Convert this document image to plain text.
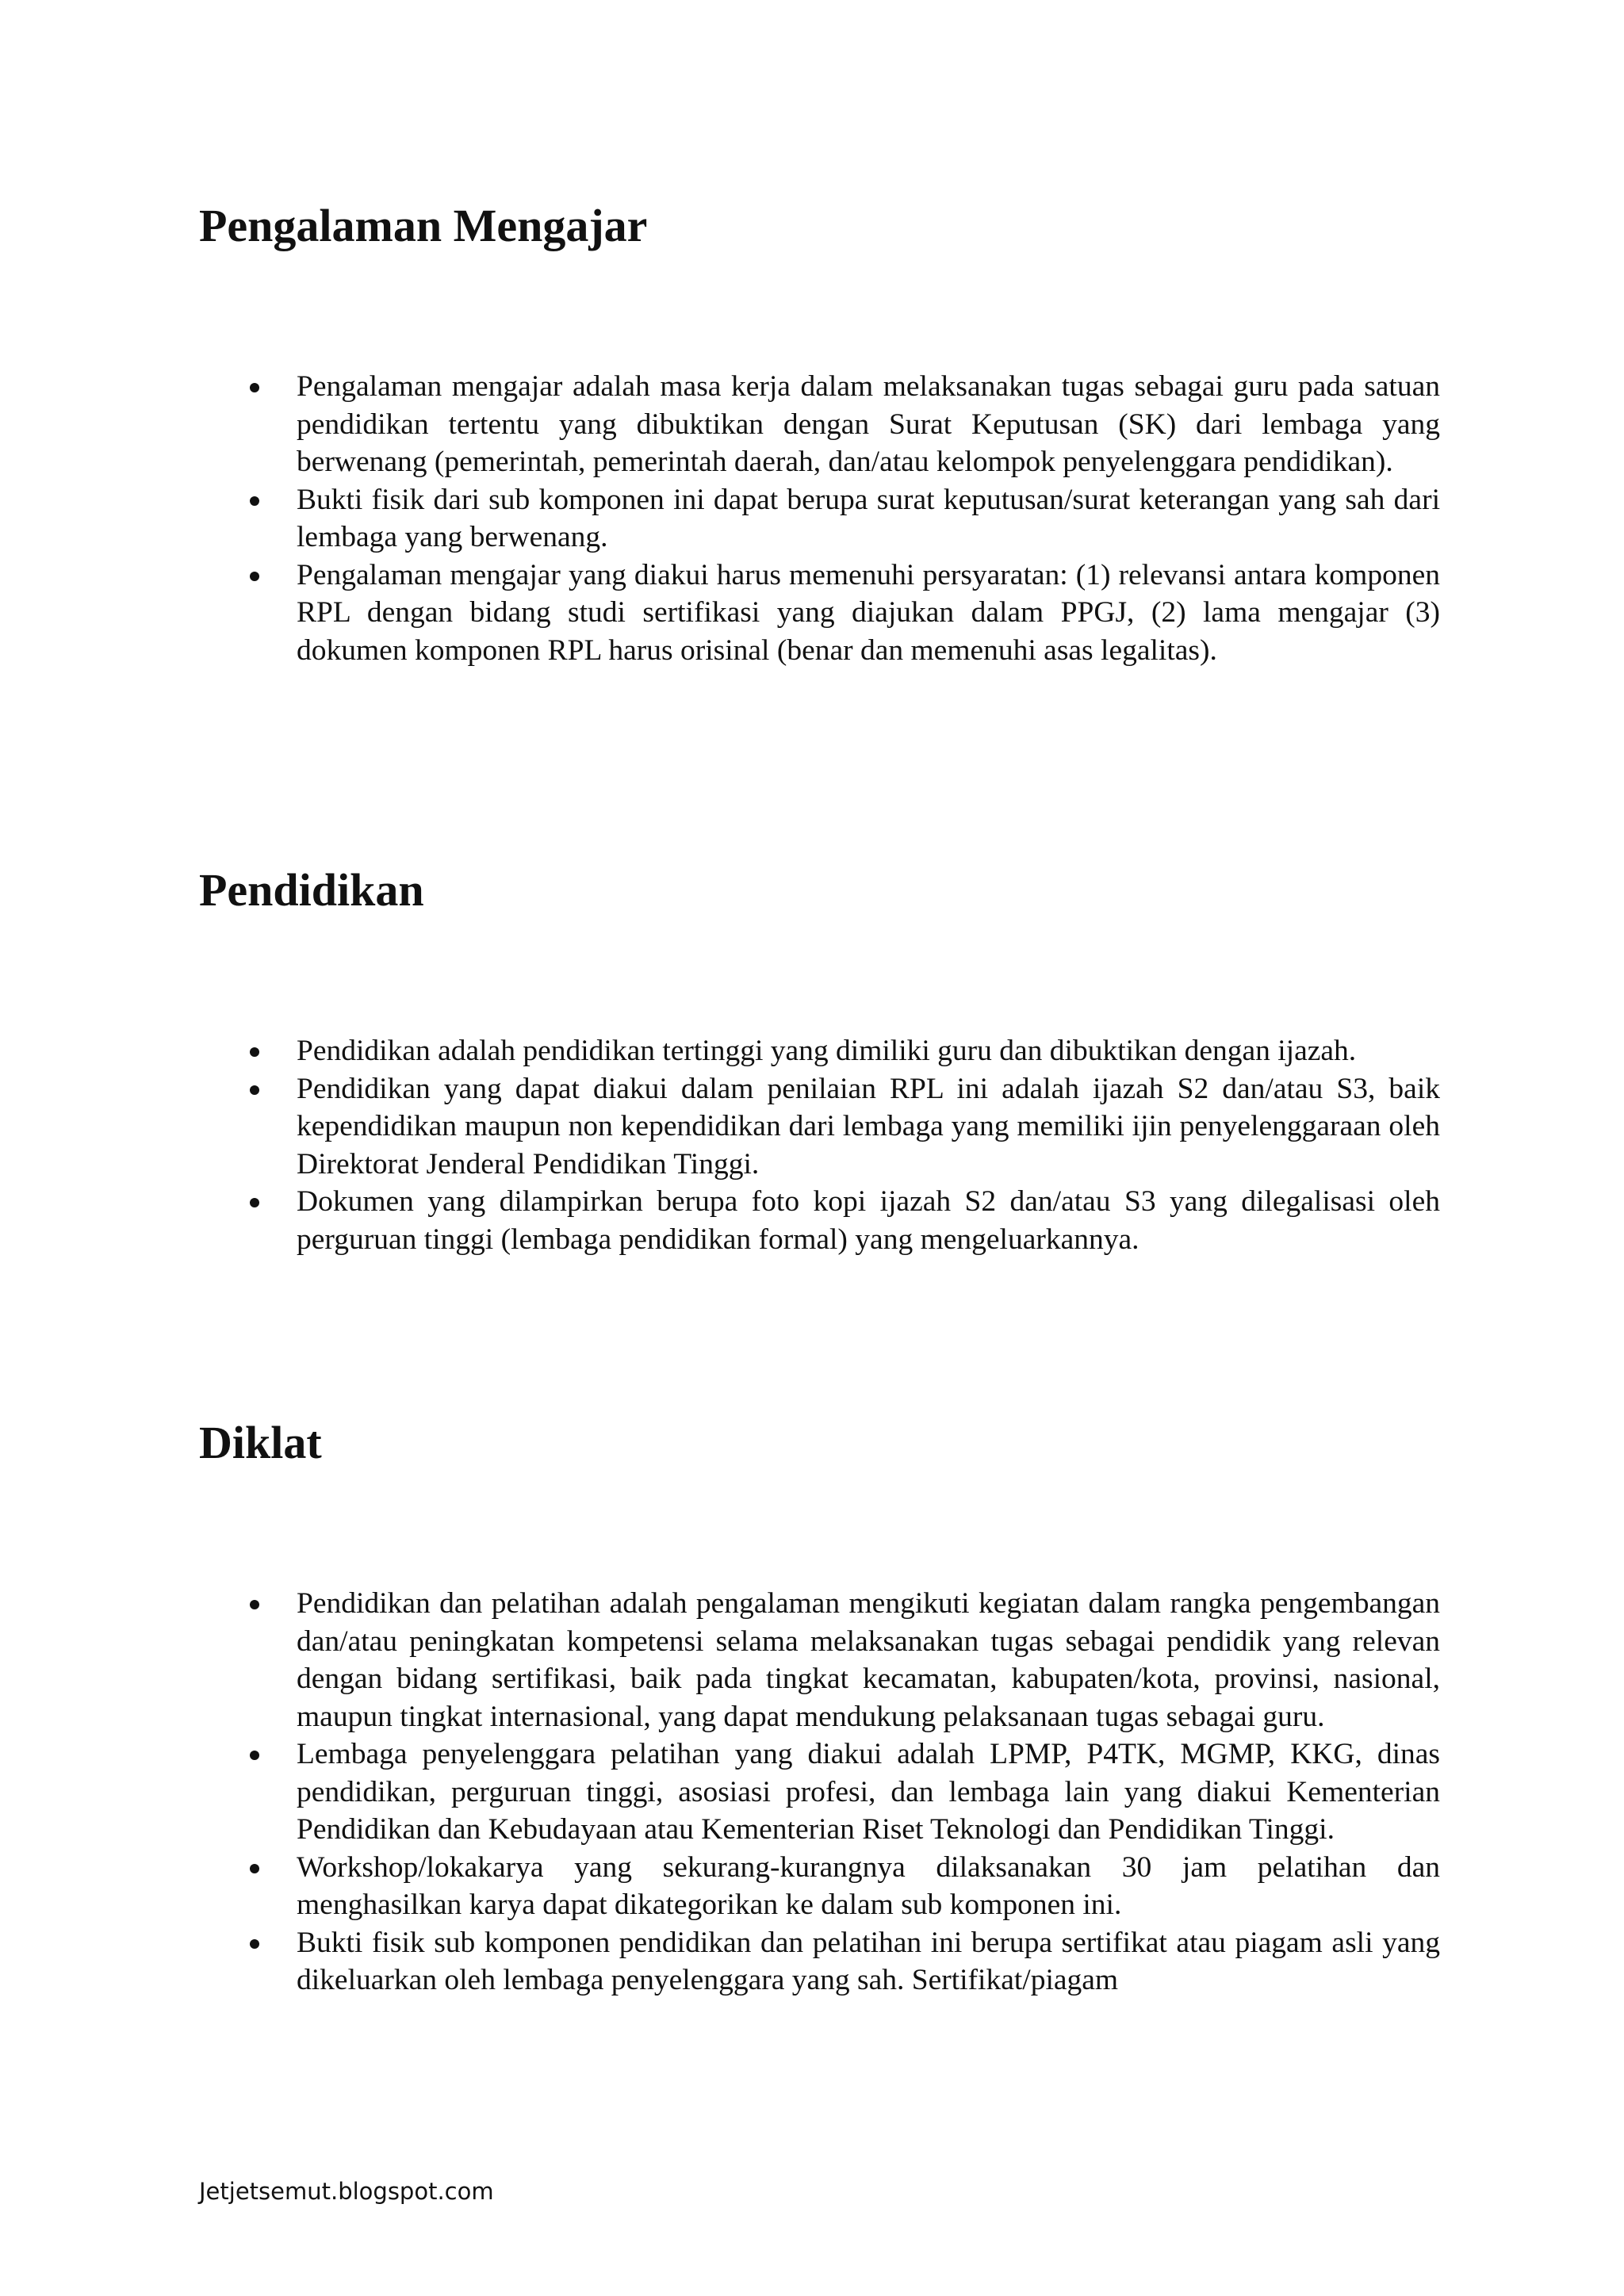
Pengalaman Mengajar
Pengalaman mengajar adalah masa kerja dalam melaksanakan tugas sebagai guru pada satuan pendidikan tertentu yang dibuktikan dengan Surat Keputusan (SK) dari lembaga yang berwenang (pemerintah, pemerintah daerah, dan/atau kelompok penyelenggara pendidikan).
Bukti fisik dari sub komponen ini dapat berupa surat keputusan/surat keterangan yang sah dari lembaga yang berwenang.
Pengalaman mengajar yang diakui harus memenuhi persyaratan: (1) relevansi antara komponen RPL dengan bidang studi sertifikasi yang diajukan dalam PPGJ, (2) lama mengajar (3) dokumen komponen RPL harus orisinal (benar dan memenuhi asas legalitas).
Pendidikan
Pendidikan adalah pendidikan tertinggi yang dimiliki guru dan dibuktikan dengan ijazah.
Pendidikan yang dapat diakui dalam penilaian RPL ini adalah ijazah S2 dan/atau S3, baik kependidikan maupun non kependidikan dari lembaga yang memiliki ijin penyelenggaraan oleh Direktorat Jenderal Pendidikan Tinggi.
Dokumen yang dilampirkan berupa foto kopi ijazah S2 dan/atau S3 yang dilegalisasi oleh perguruan tinggi (lembaga pendidikan formal) yang mengeluarkannya.
Diklat
Pendidikan dan pelatihan adalah pengalaman mengikuti kegiatan dalam rangka pengembangan dan/atau peningkatan kompetensi selama melaksanakan tugas sebagai pendidik yang relevan dengan bidang sertifikasi, baik pada tingkat kecamatan, kabupaten/kota, provinsi, nasional, maupun tingkat internasional, yang dapat mendukung pelaksanaan tugas sebagai guru.
Lembaga penyelenggara pelatihan yang diakui adalah LPMP, P4TK, MGMP, KKG, dinas pendidikan, perguruan tinggi, asosiasi profesi, dan lembaga lain yang diakui Kementerian Pendidikan dan Kebudayaan atau Kementerian Riset Teknologi dan Pendidikan Tinggi.
Workshop/lokakarya yang sekurang-kurangnya dilaksanakan 30 jam pelatihan dan menghasilkan karya dapat dikategorikan ke dalam sub komponen ini.
Bukti fisik sub komponen pendidikan dan pelatihan ini berupa sertifikat atau piagam asli yang dikeluarkan oleh lembaga penyelenggara yang sah. Sertifikat/piagam
Jetjetsemut.blogspot.com
